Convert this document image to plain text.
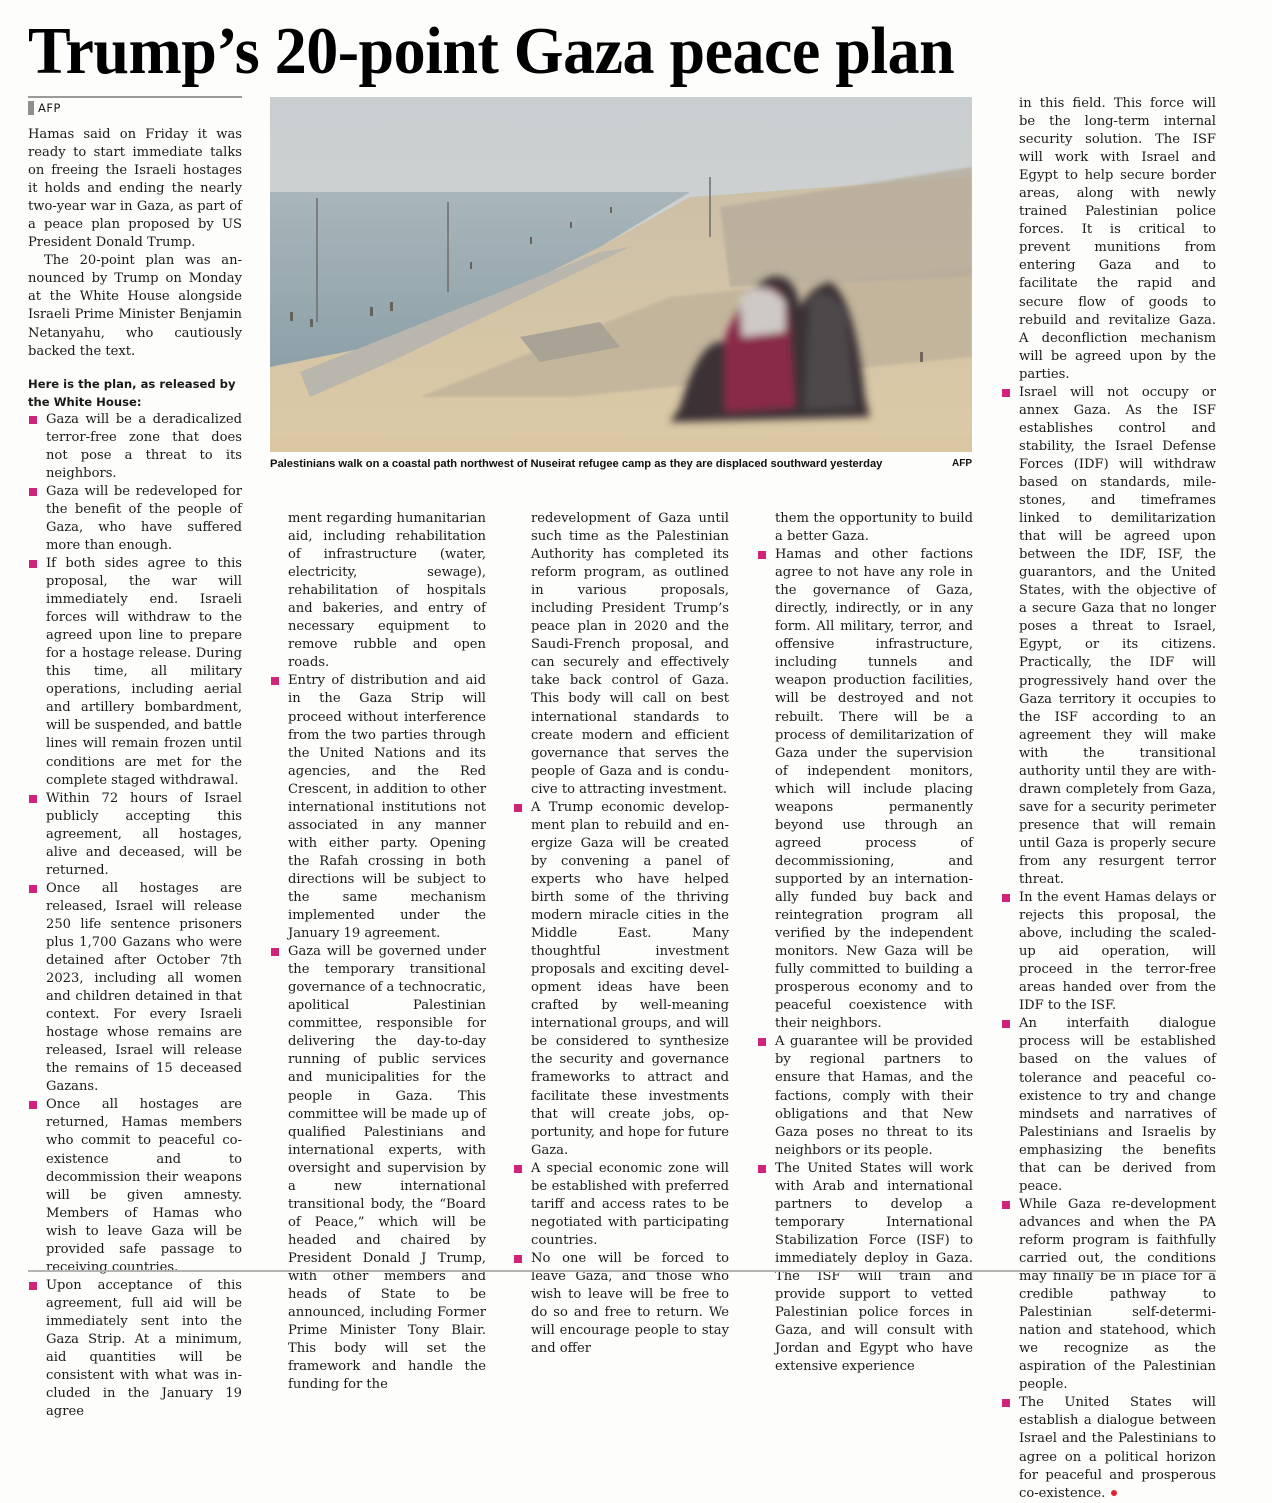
Trump’s 20-point Gaza peace plan
AFP

Hamas said on Friday it was ready to start immediate talks on freeing the Israeli hostages it holds and ending the nearly two-year war in Gaza, as part of a peace plan proposed by US President Donald Trump.

The 20-point plan was announced by Trump on Monday at the White House alongside Israeli Prime Minister Benjamin Netanyahu, who cautiously backed the text.

Here is the plan, as released by the White House:

Gaza will be a deradicalized terror-free zone that does not pose a threat to its neighbors.
Gaza will be redeveloped for the benefit of the people of Gaza, who have suffered more than enough.
If both sides agree to this proposal, the war will immediately end. Israeli forces will withdraw to the agreed upon line to prepare for a hostage release. During this time, all military operations, including aerial and artillery bombardment, will be suspended, and battle lines will remain frozen until conditions are met for the complete staged withdrawal.
Within 72 hours of Israel publicly accepting this agreement, all hostages, alive and deceased, will be returned.
Once all hostages are released, Israel will release 250 life sentence prisoners plus 1,700 Gazans who were detained after October 7th 2023, including all women and children detained in that context. For every Israeli hostage whose remains are released, Israel will release the remains of 15 deceased Gazans.
Once all hostages are returned, Hamas members who commit to peaceful co-existence and to decommission their weapons will be given amnesty. Members of Hamas who wish to leave Gaza will be provided safe passage to receiving countries.
Upon acceptance of this agreement, full aid will be immediately sent into the Gaza Strip. At a minimum, aid quantities will be consistent with what was included in the January 19 agree
Palestinians walk on a coastal path northwest of Nuseirat refugee camp as they are displaced southward yesterday	AFP
ment regarding humanitarian aid, including rehabilitation of infrastructure (water, electricity, sewage), rehabilitation of hospitals and bakeries, and entry of necessary equipment to remove rubble and open roads.
Entry of distribution and aid in the Gaza Strip will proceed without interference from the two parties through the United Nations and its agencies, and the Red Crescent, in addition to other international institutions not associated in any manner with either party. Opening the Rafah crossing in both directions will be subject to the same mechanism implemented under the January 19 agreement.
Gaza will be governed under the temporary transitional governance of a technocratic, apolitical Palestinian committee, responsible for delivering the day-to-day running of public services and municipalities for the people in Gaza. This committee will be made up of qualified Palestinians and international experts, with oversight and supervision by a new international transitional body, the “Board of Peace,” which will be headed and chaired by President Donald J Trump, with other members and heads of State to be announced, including Former Prime Minister Tony Blair. This body will set the framework and handle the funding for the
redevelopment of Gaza until such time as the Palestinian Authority has completed its reform program, as outlined in various proposals, including President Trump’s peace plan in 2020 and the Saudi-French proposal, and can securely and effectively take back control of Gaza. This body will call on best international standards to create modern and efficient governance that serves the people of Gaza and is conducive to attracting investment.
A Trump economic development plan to rebuild and energize Gaza will be created by convening a panel of experts who have helped birth some of the thriving modern miracle cities in the Middle East. Many thoughtful investment proposals and exciting development ideas have been crafted by well-meaning international groups, and will be considered to synthesize the security and governance frameworks to attract and facilitate these investments that will create jobs, opportunity, and hope for future Gaza.
A special economic zone will be established with preferred tariff and access rates to be negotiated with participating countries.
No one will be forced to leave Gaza, and those who wish to leave will be free to do so and free to return. We will encourage people to stay and offer
them the opportunity to build a better Gaza.
Hamas and other factions agree to not have any role in the governance of Gaza, directly, indirectly, or in any form. All military, terror, and offensive infrastructure, including tunnels and weapon production facilities, will be destroyed and not rebuilt. There will be a process of demilitarization of Gaza under the supervision of independent monitors, which will include placing weapons permanently beyond use through an agreed process of decommissioning, and supported by an internationally funded buy back and reintegration program all verified by the independent monitors. New Gaza will be fully committed to building a prosperous economy and to peaceful coexistence with their neighbors.
A guarantee will be provided by regional partners to ensure that Hamas, and the factions, comply with their obligations and that New Gaza poses no threat to its neighbors or its people.
The United States will work with Arab and international partners to develop a temporary International Stabilization Force (ISF) to immediately deploy in Gaza. The ISF will train and provide support to vetted Palestinian police forces in Gaza, and will consult with Jordan and Egypt who have extensive experience
in this field. This force will be the long-term internal security solution. The ISF will work with Israel and Egypt to help secure border areas, along with newly trained Palestinian police forces. It is critical to prevent munitions from entering Gaza and to facilitate the rapid and secure flow of goods to rebuild and revitalize Gaza. A deconfliction mechanism will be agreed upon by the parties.
Israel will not occupy or annex Gaza. As the ISF establishes control and stability, the Israel Defense Forces (IDF) will withdraw based on standards, milestones, and timeframes linked to demilitarization that will be agreed upon between the IDF, ISF, the guarantors, and the United States, with the objective of a secure Gaza that no longer poses a threat to Israel, Egypt, or its citizens. Practically, the IDF will progressively hand over the Gaza territory it occupies to the ISF according to an agreement they will make with the transitional authority until they are withdrawn completely from Gaza, save for a security perimeter presence that will remain until Gaza is properly secure from any resurgent terror threat.
In the event Hamas delays or rejects this proposal, the above, including the scaled-up aid operation, will proceed in the terror-free areas handed over from the IDF to the ISF.
An interfaith dialogue process will be established based on the values of tolerance and peaceful co-existence to try and change mindsets and narratives of Palestinians and Israelis by emphasizing the benefits that can be derived from peace.
While Gaza re-development advances and when the PA reform program is faithfully carried out, the conditions may finally be in place for a credible pathway to Palestinian self-determination and statehood, which we recognize as the aspiration of the Palestinian people.
The United States will establish a dialogue between Israel and the Palestinians to agree on a political horizon for peaceful and prosperous co-existence.
